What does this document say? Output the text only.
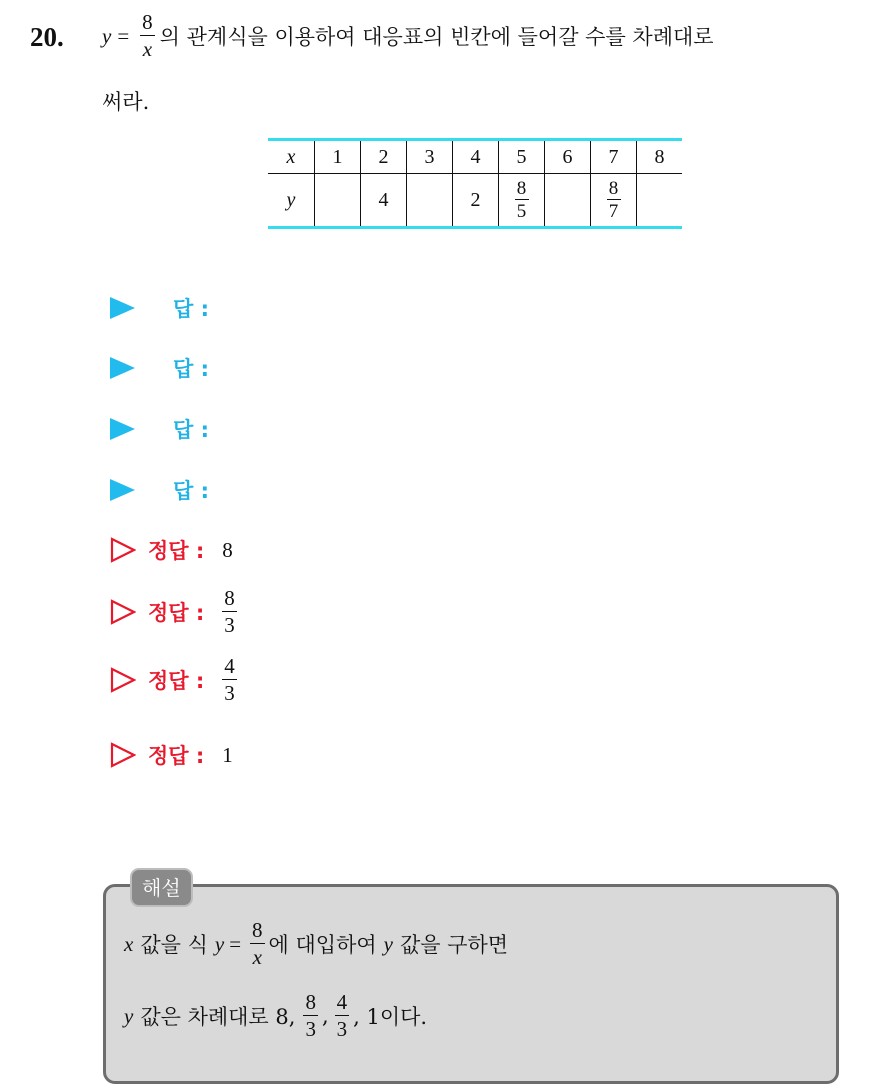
20. $y = \frac{8}{x}$ 의 관계식을 이용하여 대응표의 빈칸에 들어갈 수를 차례대로
써라.
x	1	2	3	4	5	6	7	8
y		4		2	$\frac{8}{5}$		$\frac{8}{7}$

답 :
답 :
답 :
답 :
정답 : 8
정답 : $\frac{8}{3}$
정답 : $\frac{4}{3}$
정답 : 1
해설
x 값을 식 $y = \frac{8}{x}$ 에 대입하여 y 값을 구하면
y 값은 차례대로 8, $\frac{8}{3}$ , $\frac{4}{3}$ , 1이다.
